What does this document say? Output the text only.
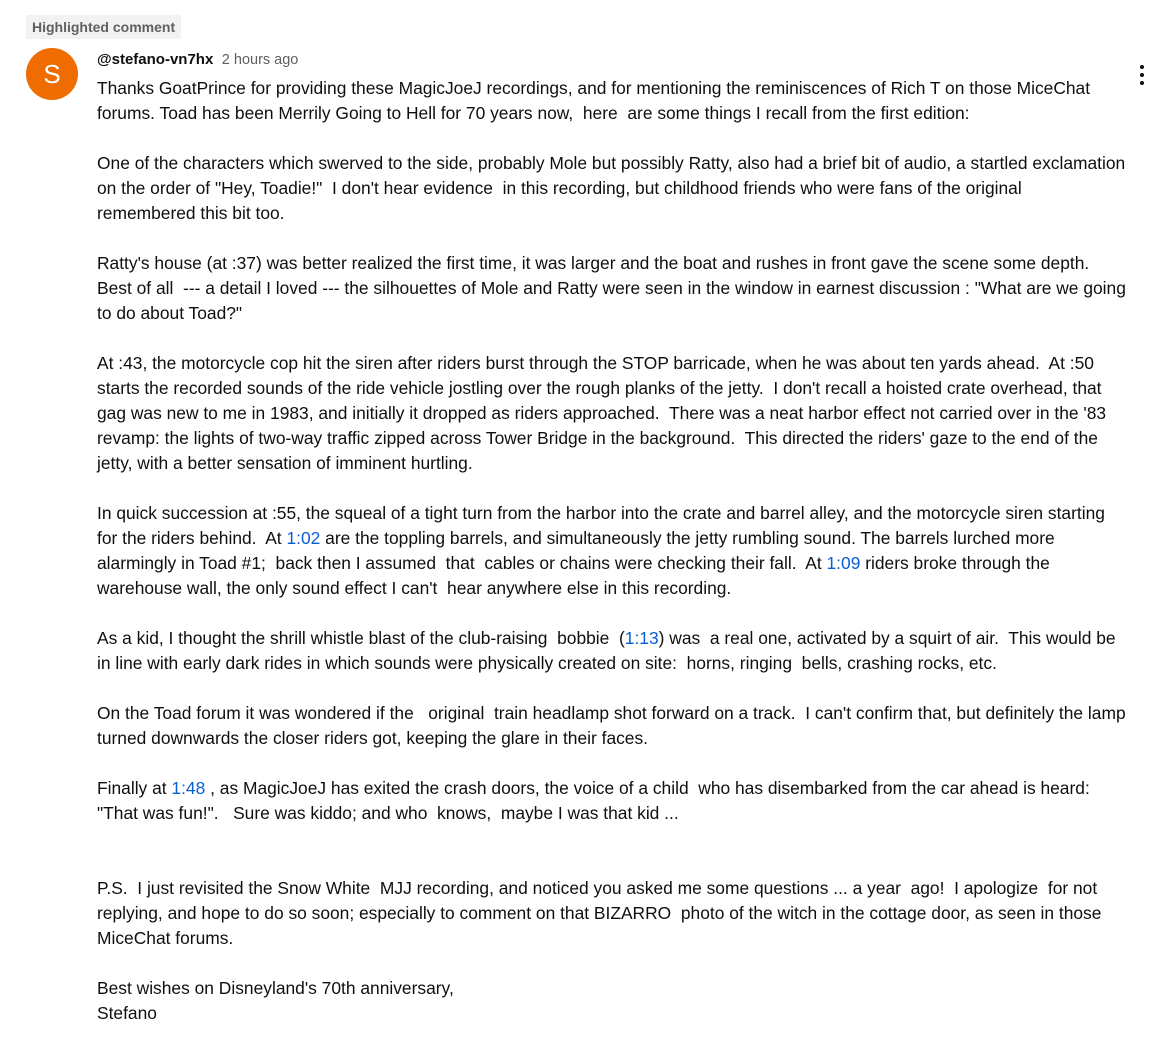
Highlighted comment
S	@stefano-vn7hx 2 hours ago

Thanks GoatPrince for providing these MagicJoeJ recordings, and for mentioning the reminiscences of Rich T on those MiceChat forums. Toad has been Merrily Going to Hell for 70 years now,  here  are some things I recall from the first edition:

One of the characters which swerved to the side, probably Mole but possibly Ratty, also had a brief bit of audio, a startled exclamation on the order of "Hey, Toadie!"  I don't hear evidence  in this recording, but childhood friends who were fans of the original  remembered this bit too.

Ratty's house (at :37) was better realized the first time, it was larger and the boat and rushes in front gave the scene some depth. Best of all  --- a detail I loved --- the silhouettes of Mole and Ratty were seen in the window in earnest discussion : "What are we going to do about Toad?"

At :43, the motorcycle cop hit the siren after riders burst through the STOP barricade, when he was about ten yards ahead.  At :50 starts the recorded sounds of the ride vehicle jostling over the rough planks of the jetty.  I don't recall a hoisted crate overhead, that gag was new to me in 1983, and initially it dropped as riders approached.  There was a neat harbor effect not carried over in the '83 revamp: the lights of two-way traffic zipped across Tower Bridge in the background.  This directed the riders' gaze to the end of the jetty, with a better sensation of imminent hurtling.

In quick succession at :55, the squeal of a tight turn from the harbor into the crate and barrel alley, and the motorcycle siren starting for the riders behind.  At 1:02 are the toppling barrels, and simultaneously the jetty rumbling sound. The barrels lurched more alarmingly in Toad #1;  back then I assumed  that  cables or chains were checking their fall.  At 1:09 riders broke through the warehouse wall, the only sound effect I can't  hear anywhere else in this recording.

As a kid, I thought the shrill whistle blast of the club-raising  bobbie  (1:13) was  a real one, activated by a squirt of air.  This would be in line with early dark rides in which sounds were physically created on site:  horns, ringing  bells, crashing rocks, etc.

On the Toad forum it was wondered if the   original  train headlamp shot forward on a track.  I can't confirm that, but definitely the lamp  turned downwards the closer riders got, keeping the glare in their faces.

Finally at 1:48 , as MagicJoeJ has exited the crash doors, the voice of a child  who has disembarked from the car ahead is heard: "That was fun!".   Sure was kiddo; and who  knows,  maybe I was that kid ...

P.S.  I just revisited the Snow White  MJJ recording, and noticed you asked me some questions ... a year  ago!  I apologize  for not replying, and hope to do so soon; especially to comment on that BIZARRO  photo of the witch in the cottage door, as seen in those MiceChat forums.

Best wishes on Disneyland's 70th anniversary,
Stefano
